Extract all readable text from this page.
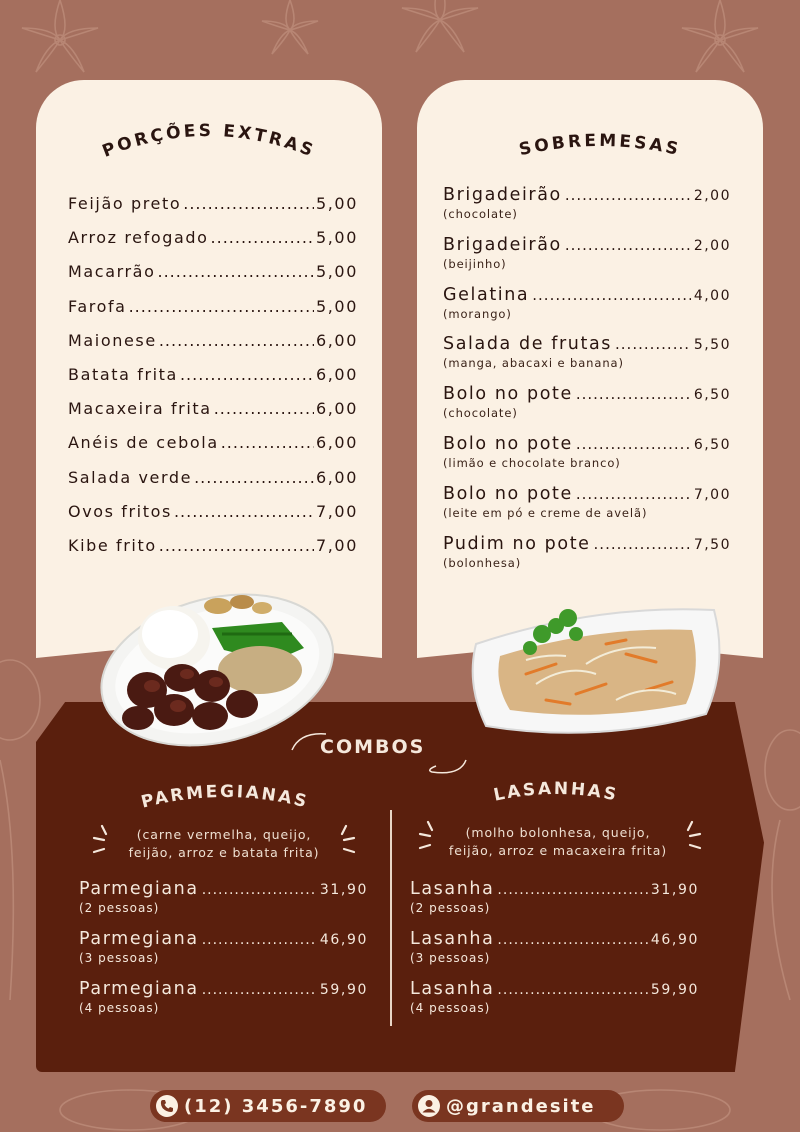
PORÇÕES EXTRAS	SOBREMESAS
Feijão preto .....	5,00
Arroz refogado .....	5,00
Macarrão .....	5,00
Farofa .....	5,00
Maionese .....	6,00
Batata frita .....	6,00
Macaxeira frita .....	6,00
Anéis de cebola .....	6,00
Salada verde .....	6,00
Ovos fritos .....	7,00
Kibe frito .....	7,00
Brigadeirão .....	2,00
(chocolate)
Brigadeirão .....	2,00
(beijinho)
Gelatina .....	4,00
(morango)
Salada de frutas .....	5,50
(manga, abacaxi e banana)
Bolo no pote .....	6,50
(chocolate)
Bolo no pote .....	6,50
(limão e chocolate branco)
Bolo no pote .....	7,00
(leite em pó e creme de avelã)
Pudim no pote .....	7,50
(bolonhesa)
COMBOS
PARMEGIANAS	LASANHAS
(carne vermelha, queijo,
feijão, arroz e batata frita)
(molho bolonhesa, queijo,
feijão, arroz e macaxeira frita)
Parmegiana .....	31,90
(2 pessoas)
Parmegiana .....	46,90
(3 pessoas)
Parmegiana .....	59,90
(4 pessoas)
Lasanha .....	31,90
(2 pessoas)
Lasanha .....	46,90
(3 pessoas)
Lasanha .....	59,90
(4 pessoas)
(12) 3456-7890	@grandesite
